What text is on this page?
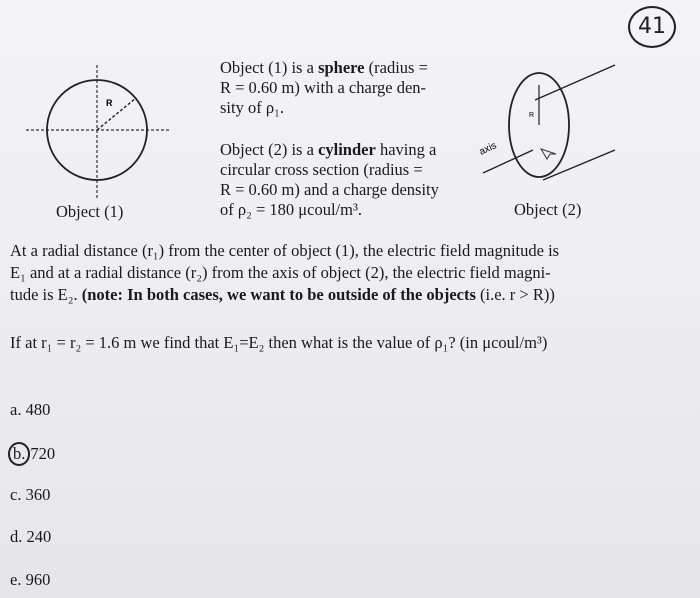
41
R
Object (1)
Object (1) is a sphere (radius =
R = 0.60 m) with a charge den-
sity of ρ₁.
Object (2) is a cylinder having a
circular cross section (radius =
R = 0.60 m) and a charge density
of ρ₂ = 180 μcoul/m³.
R
axis
Object (2)
At a radial distance (r₁) from the center of object (1), the electric field magnitude is
E₁ and at a radial distance (r₂) from the axis of object (2), the electric field magni-
tude is E₂. (note: In both cases, we want to be outside of the objects (i.e. r > R))
If at r₁ = r₂ = 1.6 m we find that E₁=E₂ then what is the value of ρ₁? (in μcoul/m³)
a. 480
b. 720
c. 360
d. 240
e. 960
